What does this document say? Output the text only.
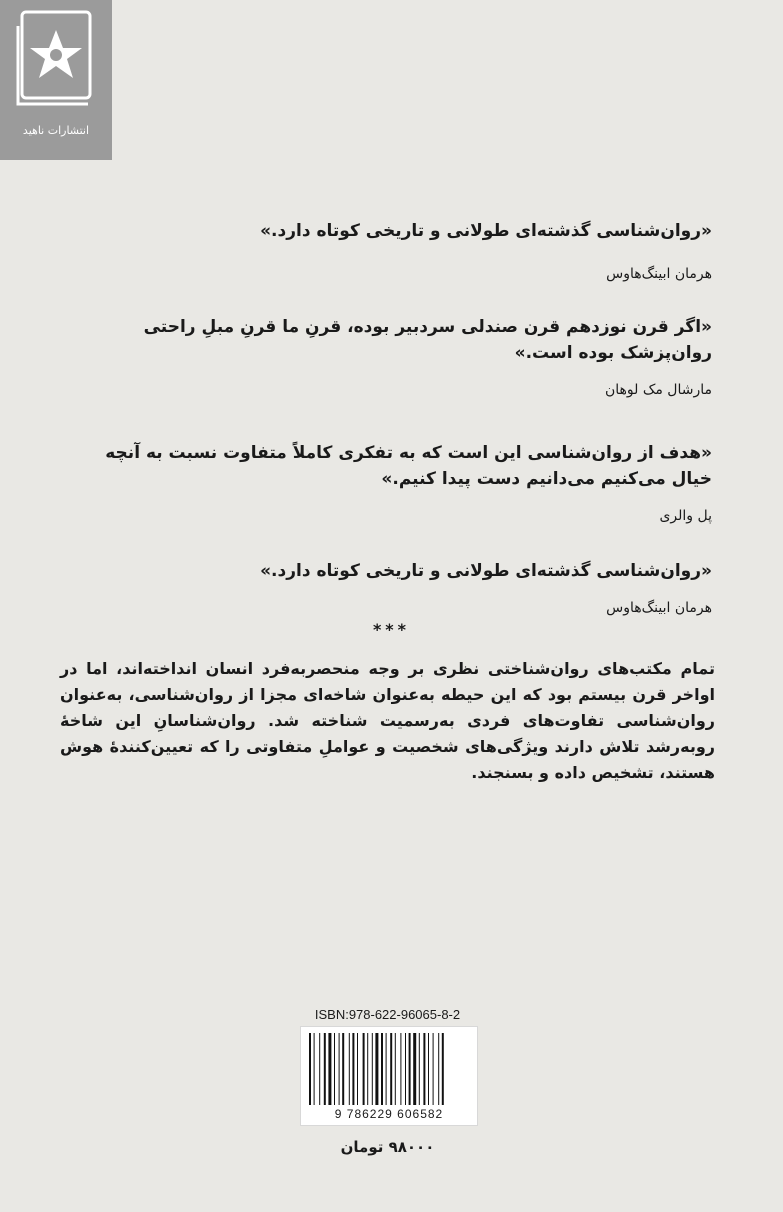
انتشارات ناهید
«روان‌شناسی گذشته‌ای طولانی و تاریخی کوتاه دارد.»
هرمان ابینگ‌هاوس
«اگر قرن نوزدهم قرن صندلی سردبیر بوده، قرنِ ما قرنِ مبلِ راحتی روان‌پزشک بوده است.»
مارشال مک لوهان
«هدف از روان‌شناسی این است که به تفکری کاملاً متفاوت نسبت به آنچه خیال می‌کنیم می‌دانیم دست پیدا کنیم.»
پل والری
«روان‌شناسی گذشته‌ای طولانی و تاریخی کوتاه دارد.»
هرمان ابینگ‌هاوس
***
تمام مکتب‌های روان‌شناختی نظری بر وجه منحصربه‌فرد انسان انداخته‌اند، اما در اواخر قرن بیستم بود که این حیطه به‌عنوان شاخه‌ای مجزا از روان‌شناسی، به‌عنوان روان‌شناسی تفاوت‌های فردی به‌رسمیت شناخته شد. روان‌شناسانِ این شاخهٔ روبه‌رشد تلاش دارند ویژگی‌های شخصیت و عواملِ متفاوتی را که تعیین‌کنندهٔ هوش هستند، تشخیص داده و بسنجند.
ISBN:978-622-96065-8-2
9 786229 606582
۹۸۰۰۰ تومان
